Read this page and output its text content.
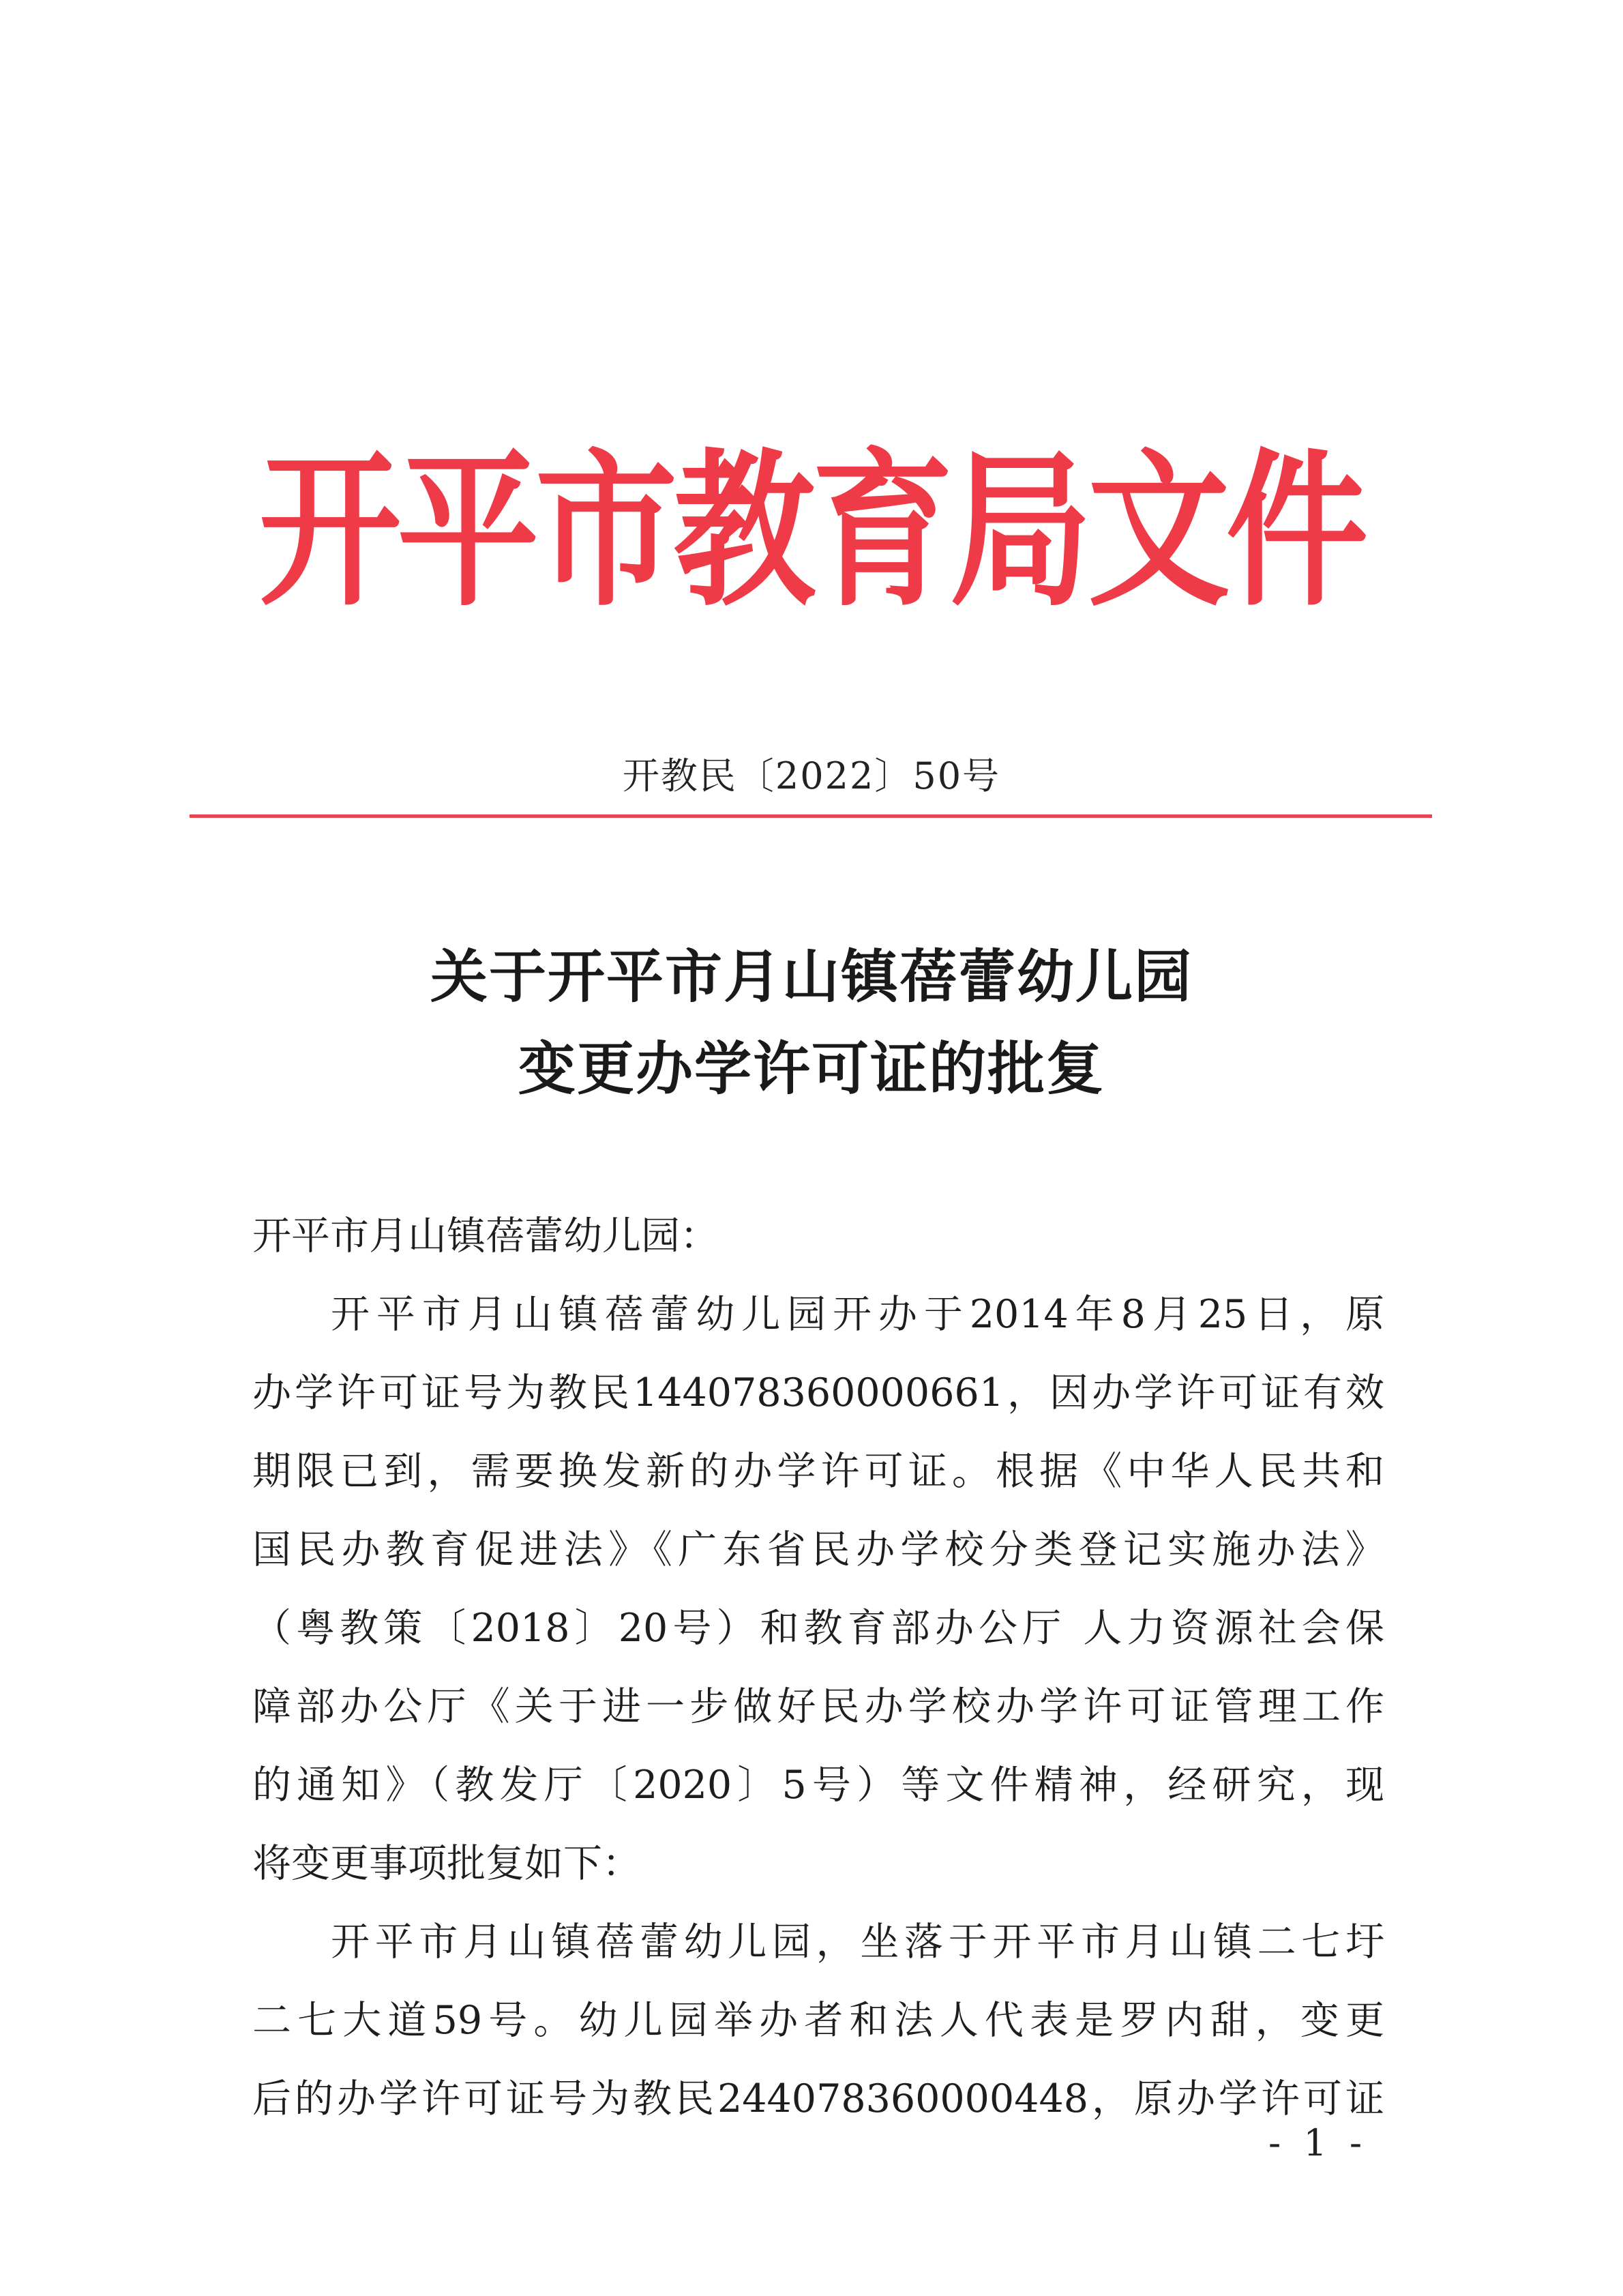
开
平
市
教
育
局
文
件
开教民〔2022〕50号
关于开平市月山镇蓓蕾幼儿园
变更办学许可证的批复
开平市月山镇蓓蕾幼儿园：
开平市月山镇蓓蕾幼儿园开办于2014年8月25日，原
办学许可证号为教民144078360000661，因办学许可证有效
期限已到，需要换发新的办学许可证。根据《中华人民共和
国民办教育促进法》《广东省民办学校分类登记实施办法》
（粤教策〔2018〕20号）和教育部办公厅 人力资源社会保
障部办公厅《关于进一步做好民办学校办学许可证管理工作
的通知》（教发厅〔2020〕5号）等文件精神，经研究，现
将变更事项批复如下：
开平市月山镇蓓蕾幼儿园，坐落于开平市月山镇二七圩
二七大道59号。幼儿园举办者和法人代表是罗内甜，变更
后的办学许可证号为教民244078360000448，原办学许可证
- 1 -
